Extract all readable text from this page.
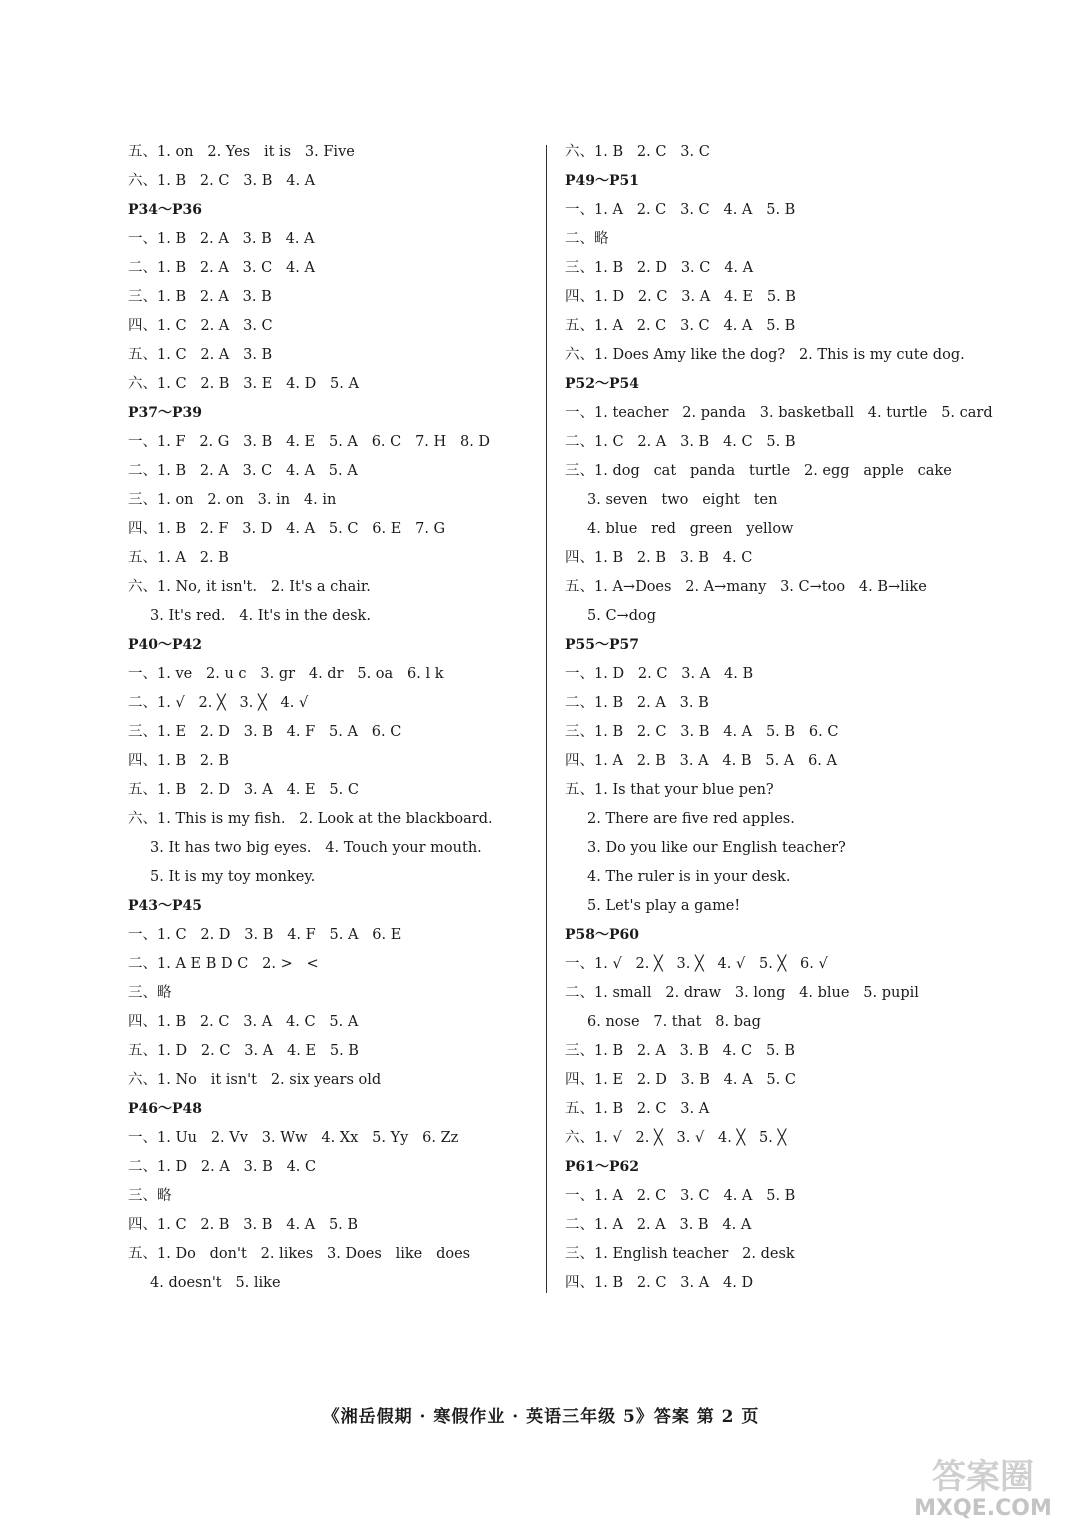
五、1. on   2. Yes   it is   3. Five
六、1. B   2. C   3. B   4. A
P34～P36
一、1. B   2. A   3. B   4. A
二、1. B   2. A   3. C   4. A
三、1. B   2. A   3. B
四、1. C   2. A   3. C
五、1. C   2. A   3. B
六、1. C   2. B   3. E   4. D   5. A
P37～P39
一、1. F   2. G   3. B   4. E   5. A   6. C   7. H   8. D
二、1. B   2. A   3. C   4. A   5. A
三、1. on   2. on   3. in   4. in
四、1. B   2. F   3. D   4. A   5. C   6. E   7. G
五、1. A   2. B
六、1. No, it isn't.   2. It's a chair.
3. It's red.   4. It's in the desk.
P40～P42
一、1. ve   2. u c   3. gr   4. dr   5. oa   6. l k
二、1. √   2. ╳   3. ╳   4. √
三、1. E   2. D   3. B   4. F   5. A   6. C
四、1. B   2. B
五、1. B   2. D   3. A   4. E   5. C
六、1. This is my fish.   2. Look at the blackboard.
3. It has two big eyes.   4. Touch your mouth.
5. It is my toy monkey.
P43～P45
一、1. C   2. D   3. B   4. F   5. A   6. E
二、1. A E B D C   2. >   <
三、略
四、1. B   2. C   3. A   4. C   5. A
五、1. D   2. C   3. A   4. E   5. B
六、1. No   it isn't   2. six years old
P46～P48
一、1. Uu   2. Vv   3. Ww   4. Xx   5. Yy   6. Zz
二、1. D   2. A   3. B   4. C
三、略
四、1. C   2. B   3. B   4. A   5. B
五、1. Do   don't   2. likes   3. Does   like   does
4. doesn't   5. like
六、1. B   2. C   3. C
P49～P51
一、1. A   2. C   3. C   4. A   5. B
二、略
三、1. B   2. D   3. C   4. A
四、1. D   2. C   3. A   4. E   5. B
五、1. A   2. C   3. C   4. A   5. B
六、1. Does Amy like the dog?   2. This is my cute dog.
P52～P54
一、1. teacher   2. panda   3. basketball   4. turtle   5. card
二、1. C   2. A   3. B   4. C   5. B
三、1. dog   cat   panda   turtle   2. egg   apple   cake
3. seven   two   eight   ten
4. blue   red   green   yellow
四、1. B   2. B   3. B   4. C
五、1. A→Does   2. A→many   3. C→too   4. B→like
5. C→dog
P55～P57
一、1. D   2. C   3. A   4. B
二、1. B   2. A   3. B
三、1. B   2. C   3. B   4. A   5. B   6. C
四、1. A   2. B   3. A   4. B   5. A   6. A
五、1. Is that your blue pen?
2. There are five red apples.
3. Do you like our English teacher?
4. The ruler is in your desk.
5. Let's play a game!
P58～P60
一、1. √   2. ╳   3. ╳   4. √   5. ╳   6. √
二、1. small   2. draw   3. long   4. blue   5. pupil
6. nose   7. that   8. bag
三、1. B   2. A   3. B   4. C   5. B
四、1. E   2. D   3. B   4. A   5. C
五、1. B   2. C   3. A
六、1. √   2. ╳   3. √   4. ╳   5. ╳
P61～P62
一、1. A   2. C   3. C   4. A   5. B
二、1. A   2. A   3. B   4. A
三、1. English teacher   2. desk
四、1. B   2. C   3. A   4. D
《湘岳假期 · 寒假作业 · 英语三年级 5》答案 第 2 页
答案圈
MXQE.COM
